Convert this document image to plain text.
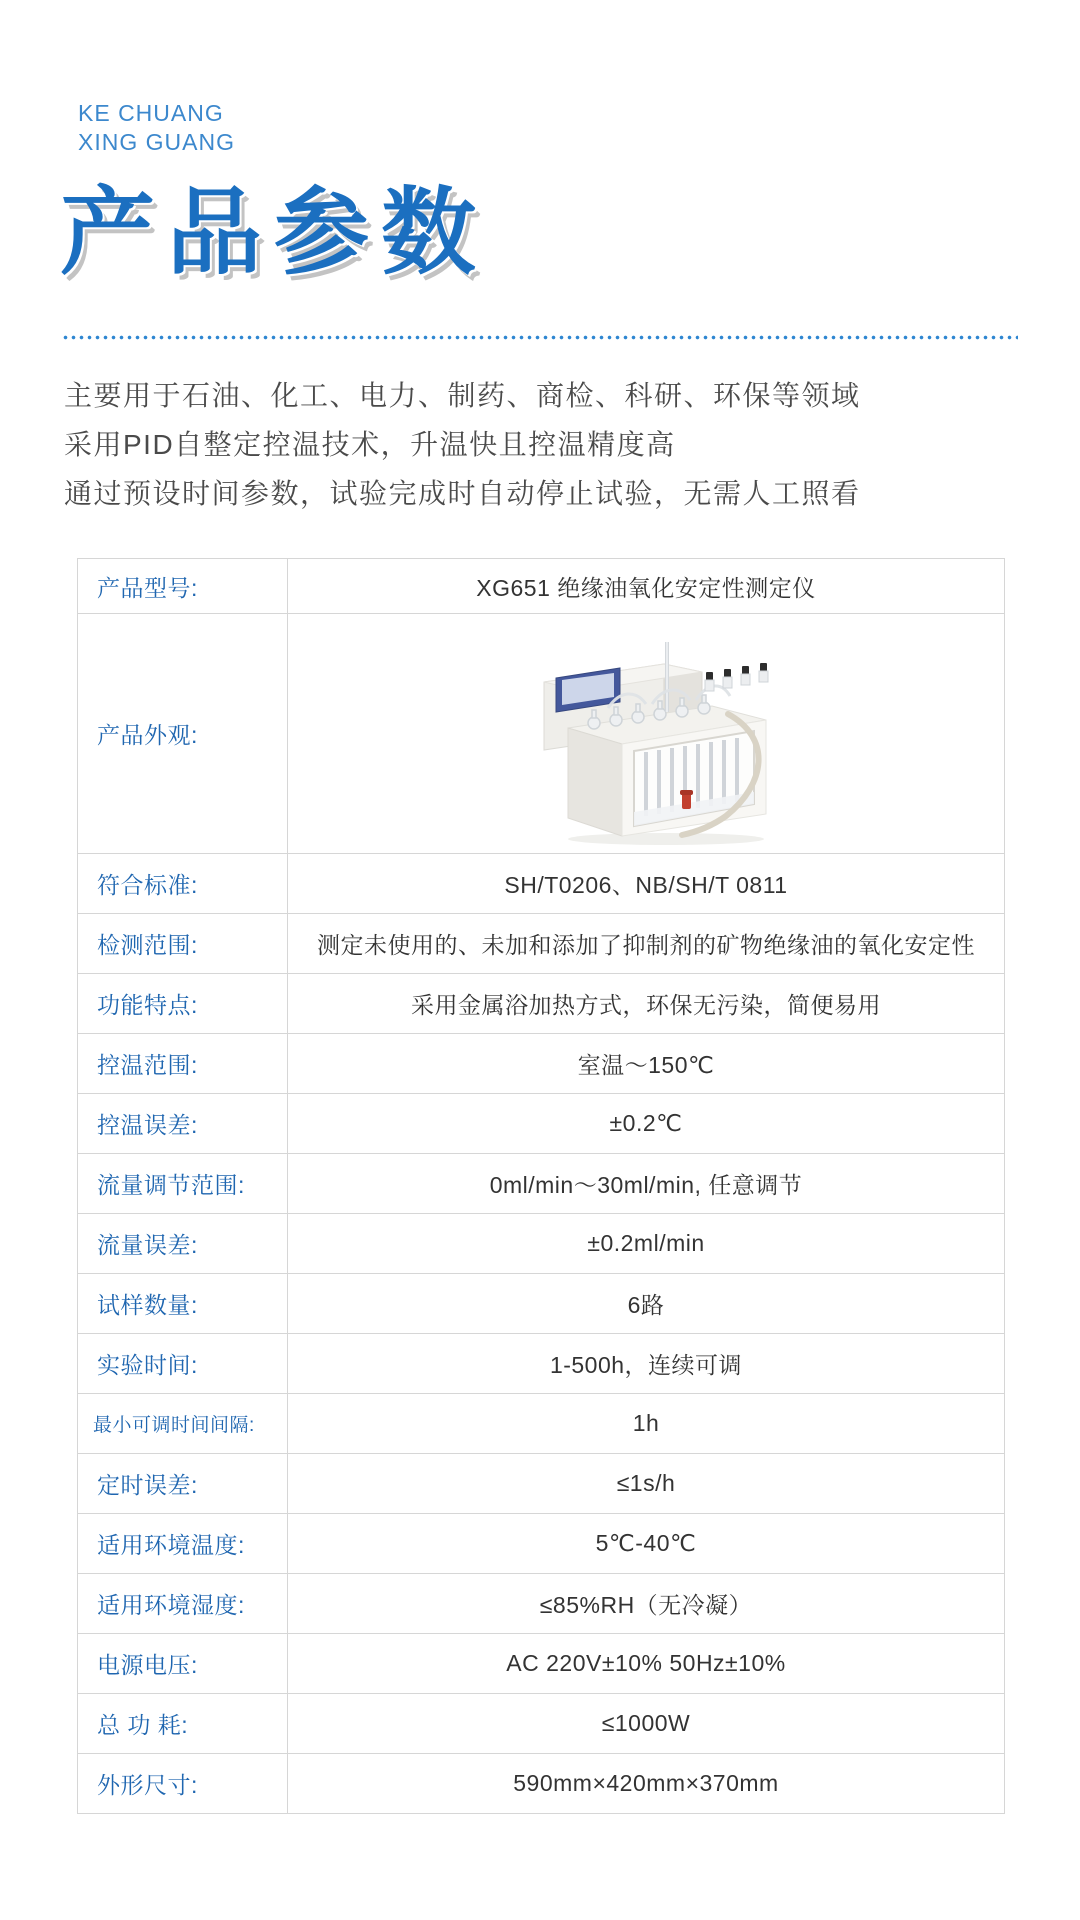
KE CHUANG
XING GUANG
产品参数

主要用于石油、化工、电力、制药、商检、科研、环保等领域

采用PID自整定控温技术，升温快且控温精度高

通过预设时间参数，试验完成时自动停止试验，无需人工照看

产品型号:	XG651 绝缘油氧化安定性测定仪
产品外观:	

符合标准:	SH/T0206、NB/SH/T 0811
检测范围:	测定未使用的、未加和添加了抑制剂的矿物绝缘油的氧化安定性
功能特点:	采用金属浴加热方式，环保无污染，简便易用
控温范围:	室温～150℃
控温误差:	±0.2℃
流量调节范围:	0ml/min～30ml/min, 任意调节
流量误差:	±0.2ml/min
试样数量:	6路
实验时间:	1-500h，连续可调
最小可调时间间隔:	1h
定时误差:	≤1s/h
适用环境温度:	5℃-40℃
适用环境湿度:	≤85%RH（无冷凝）
电源电压:	AC 220V±10% 50Hz±10%
总 功 耗:	≤1000W
外形尺寸:	590mm×420mm×370mm
